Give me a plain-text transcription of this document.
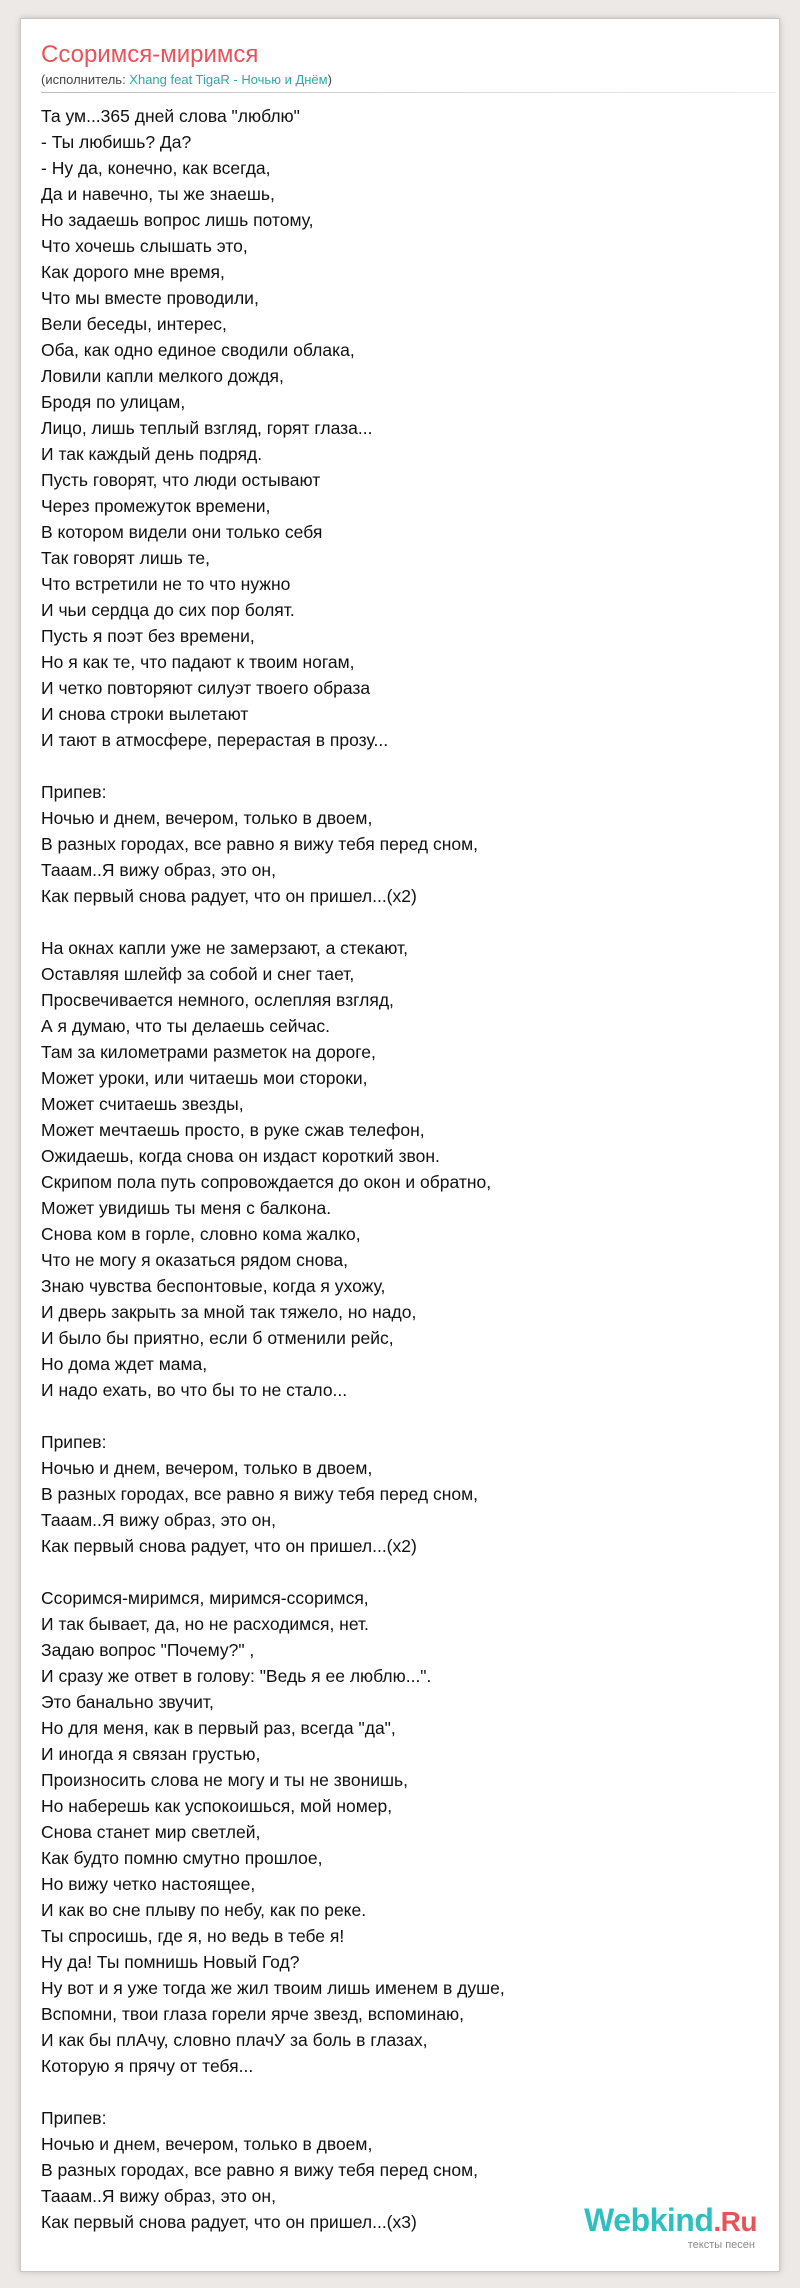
Ссоримся-миримся
(исполнитель: Xhang feat TigaR - Ночью и Днём)
Та ум...365 дней слова "люблю"
- Ты любишь? Да?
- Ну да, конечно, как всегда,
Да и навечно, ты же знаешь,
Но задаешь вопрос лишь потому,
Что хочешь слышать это,
Как дорого мне время,
Что мы вместе проводили,
Вели беседы, интерес,
Оба, как одно единое сводили облака,
Ловили капли мелкого дождя,
Бродя по улицам,
Лицо, лишь теплый взгляд, горят глаза...
И так каждый день подряд.
Пусть говорят, что люди остывают
Через промежуток времени,
В котором видели они только себя
Так говорят лишь те,
Что встретили не то что нужно
И чьи сердца до сих пор болят.
Пусть я поэт без времени,
Но я как те, что падают к твоим ногам,
И четко повторяют силуэт твоего образа
И снова строки вылетают
И тают в атмосфере, перерастая в прозу...
Припев:
Ночью и днем, вечером, только в двоем,
В разных городах, все равно я вижу тебя перед сном,
Тааам..Я вижу образ, это он,
Как первый снова радует, что он пришел...(x2)
На окнах капли уже не замерзают, а стекают,
Оставляя шлейф за собой и снег тает,
Просвечивается немного, ослепляя взгляд,
А я думаю, что ты делаешь сейчас.
Там за километрами разметок на дороге,
Может уроки, или читаешь мои стороки,
Может считаешь звезды,
Может мечтаешь просто, в руке сжав телефон,
Ожидаешь, когда снова он издаст короткий звон.
Скрипом пола путь сопровождается до окон и обратно,
Может увидишь ты меня с балкона.
Снова ком в горле, словно кома жалко,
Что не могу я оказаться рядом снова,
Знаю чувства беспонтовые, когда я ухожу,
И дверь закрыть за мной так тяжело, но надо,
И было бы приятно, если б отменили рейс,
Но дома ждет мама,
И надо ехать, во что бы то не стало...
Припев:
Ночью и днем, вечером, только в двоем,
В разных городах, все равно я вижу тебя перед сном,
Тааам..Я вижу образ, это он,
Как первый снова радует, что он пришел...(x2)
Ссоримся-миримся, миримся-ссоримся,
И так бывает, да, но не расходимся, нет.
Задаю вопрос "Почему?" ,
И сразу же ответ в голову: "Ведь я ее люблю...".
Это банально звучит,
Но для меня, как в первый раз, всегда "да",
И иногда я связан грустью,
Произносить слова не могу и ты не звонишь,
Но наберешь как успокоишься, мой номер,
Снова станет мир светлей,
Как будто помню смутно прошлое,
Но вижу четко настоящее,
И как во сне плыву по небу, как по реке.
Ты спросишь, где я, но ведь в тебе я!
Ну да! Ты помнишь Новый Год?
Ну вот и я уже тогда же жил твоим лишь именем в душе,
Вспомни, твои глаза горели ярче звезд, вспоминаю,
И как бы плАчу, словно плачУ за боль в глазах,
Которую я прячу от тебя...
Припев:
Ночью и днем, вечером, только в двоем,
В разных городах, все равно я вижу тебя перед сном,
Тааам..Я вижу образ, это он,
Как первый снова радует, что он пришел...(x3)	Webkind.Ru
тексты песен
